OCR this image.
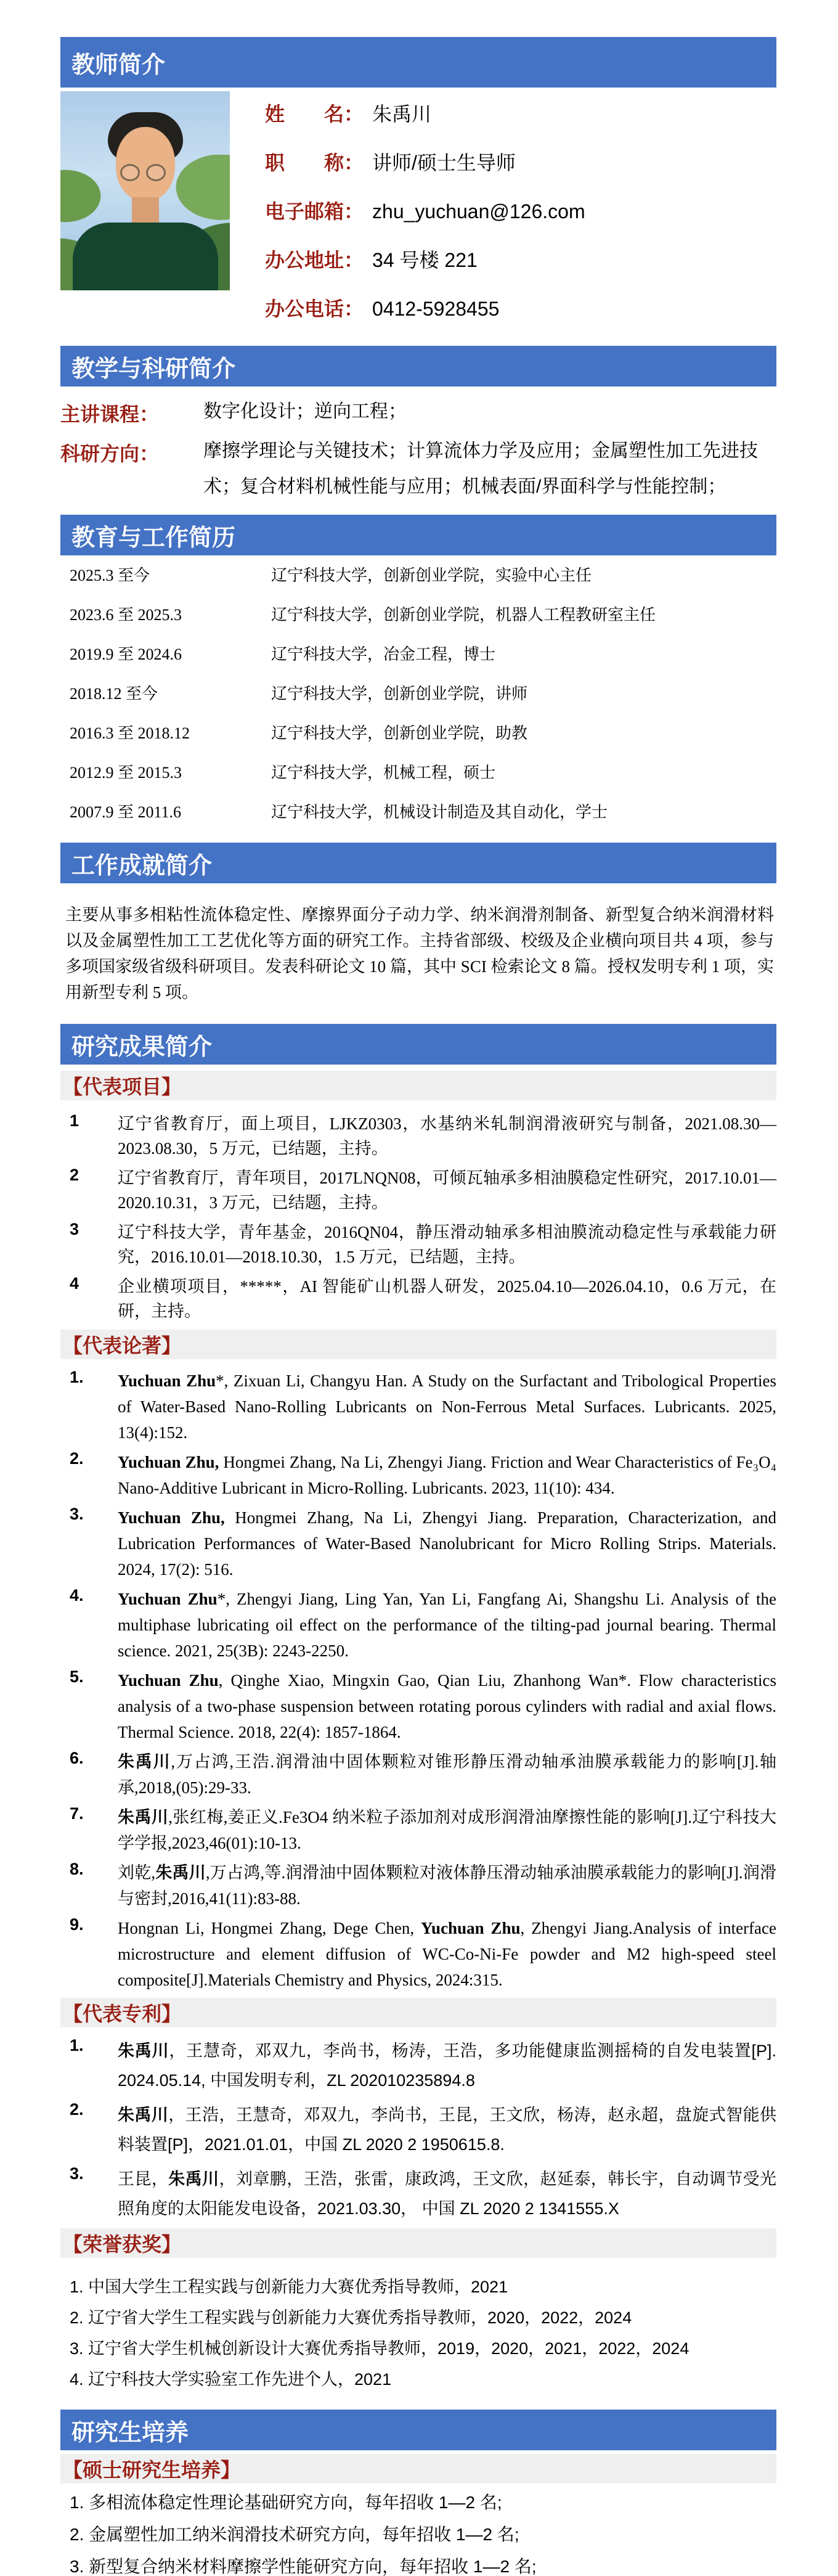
教师简介
姓　　名： 朱禹川
职　　称： 讲师/硕士生导师
电子邮箱： zhu_yuchuan@126.com
办公地址： 34 号楼 221
办公电话： 0412-5928455
教学与科研简介
主讲课程：	数字化设计；逆向工程；
科研方向：	摩擦学理论与关键技术；计算流体力学及应用；金属塑性加工先进技术；复合材料机械性能与应用；机械表面/界面科学与性能控制；
教育与工作简历
2025.3 至今	辽宁科技大学，创新创业学院，实验中心主任
2023.6 至 2025.3	辽宁科技大学，创新创业学院，机器人工程教研室主任
2019.9 至 2024.6	辽宁科技大学，冶金工程，博士
2018.12 至今	辽宁科技大学，创新创业学院，讲师
2016.3 至 2018.12	辽宁科技大学，创新创业学院，助教
2012.9 至 2015.3	辽宁科技大学，机械工程，硕士
2007.9 至 2011.6	辽宁科技大学，机械设计制造及其自动化，学士
工作成就简介
主要从事多相粘性流体稳定性、摩擦界面分子动力学、纳米润滑剂制备、新型复合纳米润滑材料以及金属塑性加工工艺优化等方面的研究工作。主持省部级、校级及企业横向项目共 4 项，参与多项国家级省级科研项目。发表科研论文 10 篇，其中 SCI 检索论文 8 篇。授权发明专利 1 项，实用新型专利 5 项。
研究成果简介
【代表项目】
1	辽宁省教育厅，面上项目，LJKZ0303，水基纳米轧制润滑液研究与制备，2021.08.30—2023.08.30，5 万元，已结题，主持。
2	辽宁省教育厅，青年项目，2017LNQN08，可倾瓦轴承多相油膜稳定性研究，2017.10.01—2020.10.31，3 万元，已结题，主持。
3	辽宁科技大学，青年基金，2016QN04，静压滑动轴承多相油膜流动稳定性与承载能力研究，2016.10.01—2018.10.30，1.5 万元，已结题，主持。
4	企业横项项目，*****，AI 智能矿山机器人研发，2025.04.10—2026.04.10，0.6 万元，在研，主持。
【代表论著】
1.	Yuchuan Zhu*, Zixuan Li, Changyu Han. A Study on the Surfactant and Tribological Properties of Water-Based Nano-Rolling Lubricants on Non-Ferrous Metal Surfaces. Lubricants. 2025, 13(4):152.
2.	Yuchuan Zhu, Hongmei Zhang, Na Li, Zhengyi Jiang. Friction and Wear Characteristics of Fe₃O₄ Nano-Additive Lubricant in Micro-Rolling. Lubricants. 2023, 11(10): 434.
3.	Yuchuan Zhu, Hongmei Zhang, Na Li, Zhengyi Jiang. Preparation, Characterization, and Lubrication Performances of Water-Based Nanolubricant for Micro Rolling Strips. Materials. 2024, 17(2): 516.
4.	Yuchuan Zhu*, Zhengyi Jiang, Ling Yan, Yan Li, Fangfang Ai, Shangshu Li. Analysis of the multiphase lubricating oil effect on the performance of the tilting-pad journal bearing. Thermal science. 2021, 25(3B): 2243-2250.
5.	Yuchuan Zhu, Qinghe Xiao, Mingxin Gao, Qian Liu, Zhanhong Wan*. Flow characteristics analysis of a two-phase suspension between rotating porous cylinders with radial and axial flows. Thermal Science. 2018, 22(4): 1857-1864.
6.	朱禹川,万占鸿,王浩.润滑油中固体颗粒对锥形静压滑动轴承油膜承载能力的影响[J].轴承,2018,(05):29-33.
7.	朱禹川,张红梅,姜正义.Fe3O4 纳米粒子添加剂对成形润滑油摩擦性能的影响[J].辽宁科技大学学报,2023,46(01):10-13.
8.	刘乾,朱禹川,万占鸿,等.润滑油中固体颗粒对液体静压滑动轴承油膜承载能力的影响[J].润滑与密封,2016,41(11):83-88.
9.	Hongnan Li, Hongmei Zhang, Dege Chen, Yuchuan Zhu, Zhengyi Jiang.Analysis of interface microstructure and element diffusion of WC-Co-Ni-Fe powder and M2 high-speed steel composite[J].Materials Chemistry and Physics, 2024:315.
【代表专利】
1.	朱禹川，王慧奇，邓双九，李尚书，杨涛，王浩，多功能健康监测摇椅的自发电装置[P]. 2024.05.14, 中国发明专利，ZL 202010235894.8
2.	朱禹川，王浩，王慧奇，邓双九，李尚书，王昆，王文欣，杨涛，赵永超，盘旋式智能供料装置[P]，2021.01.01，中国 ZL 2020 2 1950615.8.
3.	王昆，朱禹川，刘章鹏，王浩，张雷，康政鸿，王文欣，赵延泰，韩长宇，自动调节受光照角度的太阳能发电设备，2021.03.30， 中国 ZL 2020 2 1341555.X
【荣誉获奖】
1. 中国大学生工程实践与创新能力大赛优秀指导教师，2021
2. 辽宁省大学生工程实践与创新能力大赛优秀指导教师，2020，2022，2024
3. 辽宁省大学生机械创新设计大赛优秀指导教师，2019，2020，2021，2022，2024
4. 辽宁科技大学实验室工作先进个人，2021
研究生培养
【硕士研究生培养】
1. 多相流体稳定性理论基础研究方向，每年招收 1—2 名;
2. 金属塑性加工纳米润滑技术研究方向，每年招收 1—2 名;
3. 新型复合纳米材料摩擦学性能研究方向，每年招收 1—2 名;
